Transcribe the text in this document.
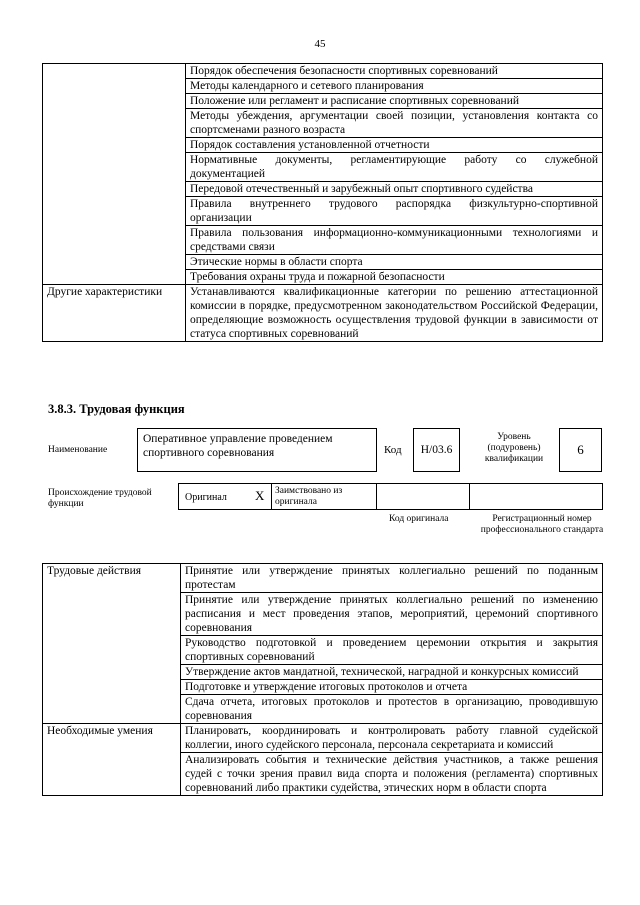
45
	Порядок обеспечения безопасности спортивных соревнований
	Методы календарного и сетевого планирования
	Положение или регламент и расписание спортивных соревнований
	Методы убеждения, аргументации своей позиции, установления контакта со спортсменами разного возраста
	Порядок составления установленной отчетности
	Нормативные документы, регламентирующие работу со служебной документацией
	Передовой отечественный и зарубежный опыт спортивного судейства
	Правила внутреннего трудового распорядка физкультурно-спортивной организации
	Правила пользования информационно-коммуникационными технологиями и средствами связи
	Этические нормы в области спорта
	Требования охраны труда и пожарной безопасности
Другие характеристики	Устанавливаются квалификационные категории по решению аттестационной комиссии в порядке, предусмотренном законодательством Российской Федерации, определяющие возможность осуществления трудовой функции в зависимости от статуса спортивных соревнований
3.8.3. Трудовая функция
Наименование
Оперативное управление проведением спортивного соревнования	Код	H/03.6
Уровень (подуровень) квалификации
6
Происхождение трудовой функции
Оригинал X Заимствовано из оригинала
Код оригинала	Регистрационный номер профессионального стандарта
Трудовые действия	Принятие или утверждение принятых коллегиально решений по поданным протестам
	Принятие или утверждение принятых коллегиально решений по изменению расписания и мест проведения этапов, мероприятий, церемоний спортивного соревнования
	Руководство подготовкой и проведением церемонии открытия и закрытия спортивных соревнований
	Утверждение актов мандатной, технической, наградной и конкурсных комиссий
	Подготовке и утверждение итоговых протоколов и отчета
	Сдача отчета, итоговых протоколов и протестов в организацию, проводившую соревнования
Необходимые умения	Планировать, координировать и контролировать работу главной судейской коллегии, иного судейского персонала, персонала секретариата и комиссий
	Анализировать события и технические действия участников, а также решения судей с точки зрения правил вида спорта и положения (регламента) спортивных соревнований либо практики судейства, этических норм в области спорта
